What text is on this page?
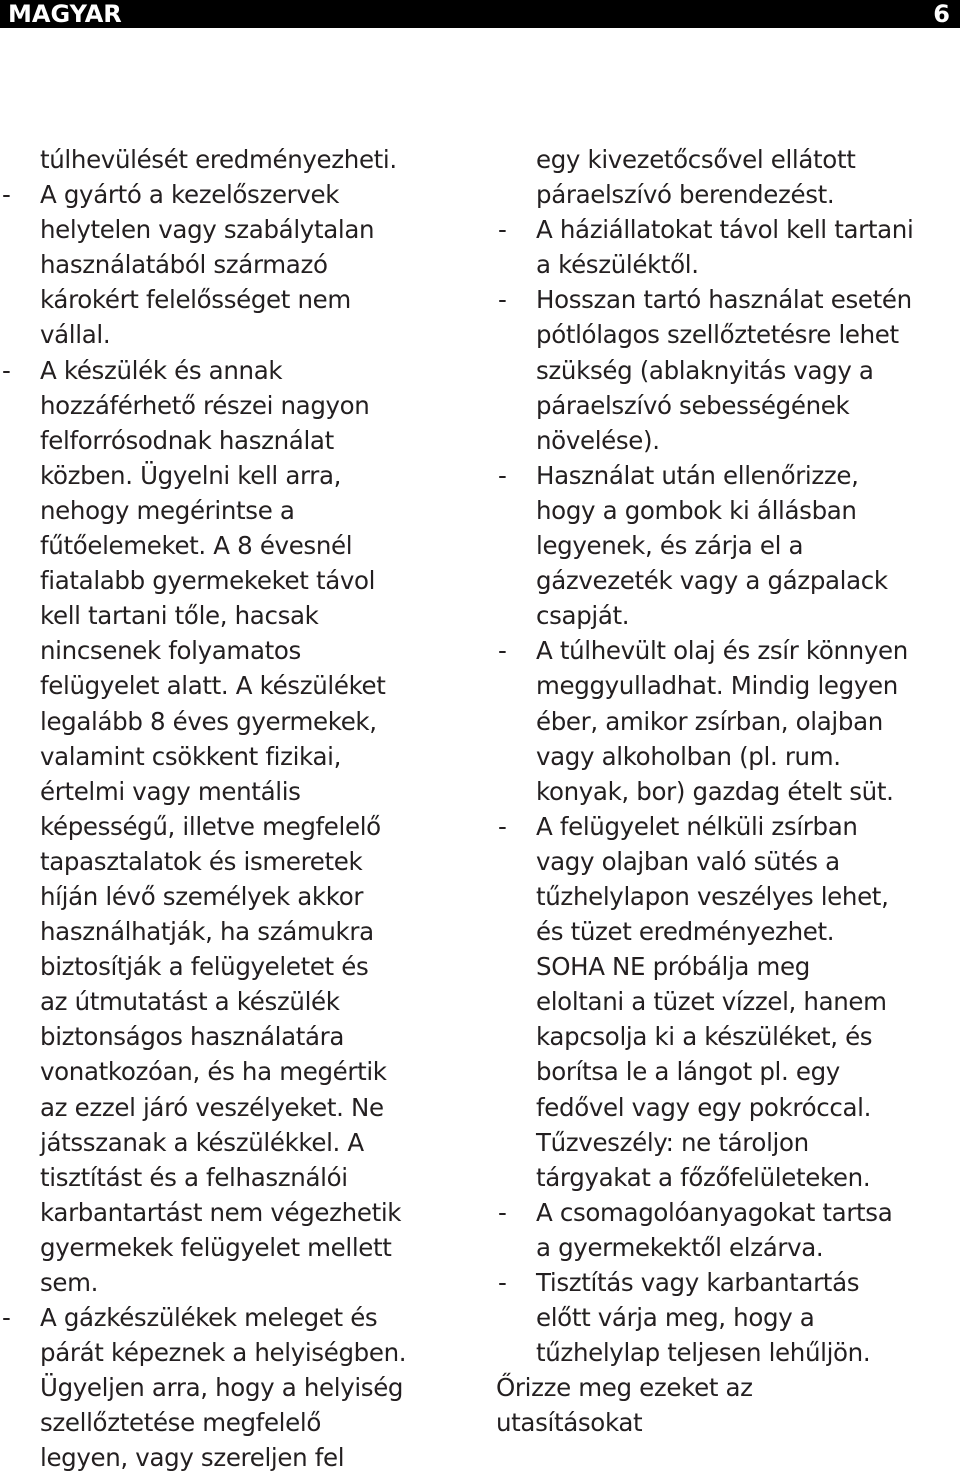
MAGYAR	6
túlhevülését eredményezheti.
- A gyártó a kezelőszervek
helytelen vagy szabálytalan
használatából származó
károkért felelősséget nem
vállal.
- A készülék és annak
hozzáférhető részei nagyon
felforrósodnak használat
közben. Ügyelni kell arra,
nehogy megérintse a
fűtőelemeket. A 8 évesnél
fiatalabb gyermekeket távol
kell tartani tőle, hacsak
nincsenek folyamatos
felügyelet alatt. A készüléket
legalább 8 éves gyermekek,
valamint csökkent fizikai,
értelmi vagy mentális
képességű, illetve megfelelő
tapasztalatok és ismeretek
híján lévő személyek akkor
használhatják, ha számukra
biztosítják a felügyeletet és
az útmutatást a készülék
biztonságos használatára
vonatkozóan, és ha megértik
az ezzel járó veszélyeket. Ne
játsszanak a készülékkel. A
tisztítást és a felhasználói
karbantartást nem végezhetik
gyermekek felügyelet mellett
sem.
- A gázkészülékek meleget és
párát képeznek a helyiségben.
Ügyeljen arra, hogy a helyiség
szellőztetése megfelelő
legyen, vagy szereljen fel
egy kivezetőcsővel ellátott
páraelszívó berendezést.
- A háziállatokat távol kell tartani
a készüléktől.
- Hosszan tartó használat esetén
pótlólagos szellőztetésre lehet
szükség (ablaknyitás vagy a
páraelszívó sebességének
növelése).
- Használat után ellenőrizze,
hogy a gombok ki állásban
legyenek, és zárja el a
gázvezeték vagy a gázpalack
csapját.
- A túlhevült olaj és zsír könnyen
meggyulladhat. Mindig legyen
éber, amikor zsírban, olajban
vagy alkoholban (pl. rum.
konyak, bor) gazdag ételt süt.
- A felügyelet nélküli zsírban
vagy olajban való sütés a
tűzhelylapon veszélyes lehet,
és tüzet eredményezhet.
SOHA NE próbálja meg
eloltani a tüzet vízzel, hanem
kapcsolja ki a készüléket, és
borítsa le a lángot pl. egy
fedővel vagy egy pokróccal.
Tűzveszély: ne tároljon
tárgyakat a főzőfelületeken.
- A csomagolóanyagokat tartsa
a gyermekektől elzárva.
- Tisztítás vagy karbantartás
előtt várja meg, hogy a
tűzhelylap teljesen lehűljön.
Őrizze meg ezeket az
utasításokat
